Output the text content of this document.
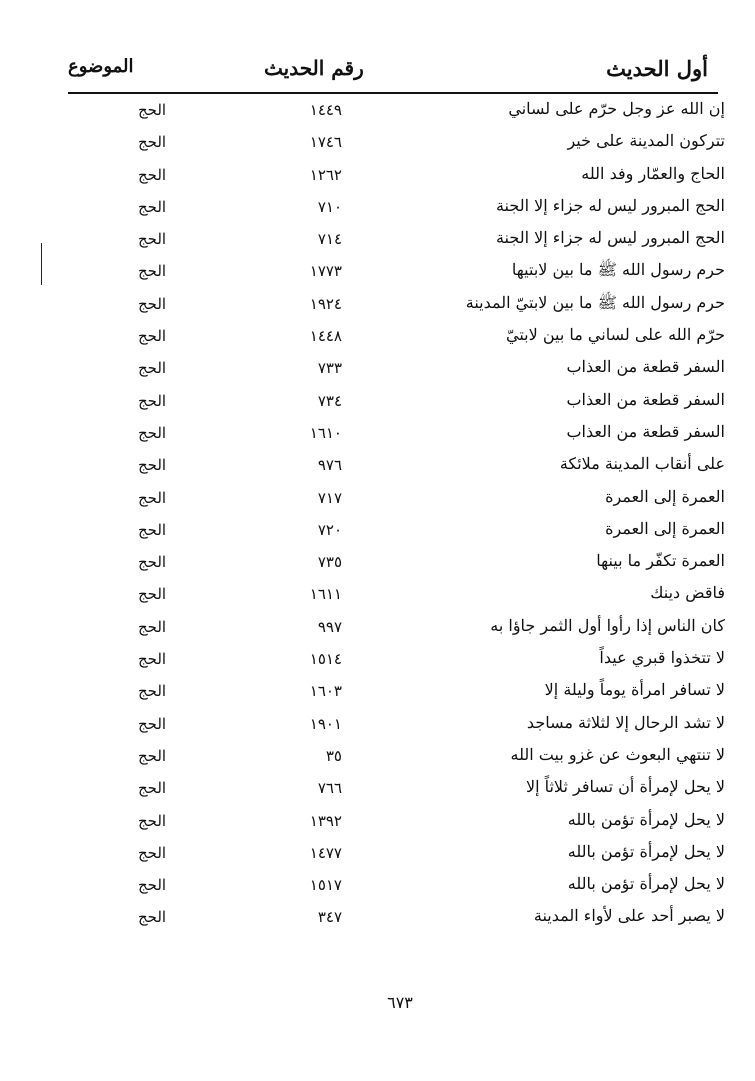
أول الحديث
رقم الحديث
الموضوع
إن الله عز وجل حرّم على لساني
١٤٤٩
الحج
تتركون المدينة على خير
١٧٤٦
الحج
الحاج والعمّار وفد الله
١٢٦٢
الحج
الحج المبرور ليس له جزاء إلا الجنة
٧١٠
الحج
الحج المبرور ليس له جزاء إلا الجنة
٧١٤
الحج
حرم رسول الله ﷺ ما بين لابتيها
١٧٧٣
الحج
حرم رسول الله ﷺ ما بين لابتيّ المدينة
١٩٢٤
الحج
حرّم الله على لساني ما بين لابتيّ
١٤٤٨
الحج
السفر قطعة من العذاب
٧٣٣
الحج
السفر قطعة من العذاب
٧٣٤
الحج
السفر قطعة من العذاب
١٦١٠
الحج
على أنقاب المدينة ملائكة
٩٧٦
الحج
العمرة إلى العمرة
٧١٧
الحج
العمرة إلى العمرة
٧٢٠
الحج
العمرة تكفّر ما بينها
٧٣٥
الحج
فاقض دينك
١٦١١
الحج
كان الناس إذا رأوا أول الثمر جاؤا به
٩٩٧
الحج
لا تتخذوا قبري عيداً
١٥١٤
الحج
لا تسافر امرأة يوماً وليلة إلا
١٦٠٣
الحج
لا تشد الرحال إلا لثلاثة مساجد
١٩٠١
الحج
لا تنتهي البعوث عن غزو بيت الله
٣٥
الحج
لا يحل لإمرأة أن تسافر ثلاثاً إلا
٧٦٦
الحج
لا يحل لإمرأة تؤمن بالله
١٣٩٢
الحج
لا يحل لإمرأة تؤمن بالله
١٤٧٧
الحج
لا يحل لإمرأة تؤمن بالله
١٥١٧
الحج
لا يصبر أحد على لأواء المدينة
٣٤٧
الحج
٦٧٣
